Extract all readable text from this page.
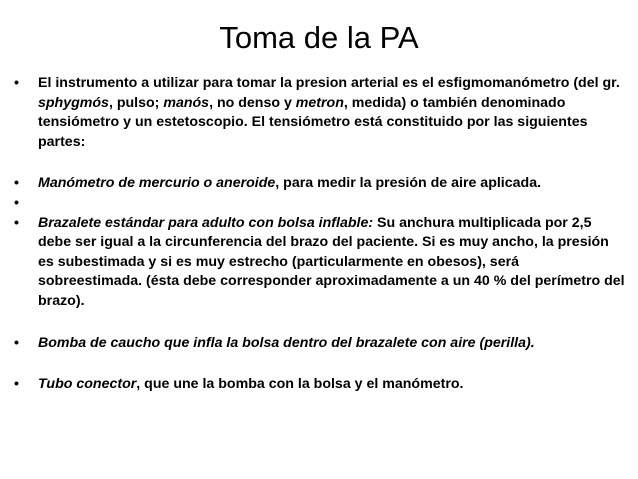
Toma de la PA
•	El instrumento a utilizar para tomar la presion arterial es el esfigmomanómetro (del gr. sphygmós, pulso; manós, no denso y metron, medida) o también denominado tensiómetro y un estetoscopio. El tensiómetro está constituido por las siguientes partes:
•	Manómetro de mercurio o aneroide, para medir la presión de aire aplicada.
•

•	Brazalete estándar para adulto con bolsa inflable: Su anchura multiplicada por 2,5 debe ser igual a la circunferencia del brazo del paciente. Si es muy ancho, la presión es subestimada y si es muy estrecho (particularmente en obesos), será sobreestimada. (ésta debe corresponder aproximadamente a un 40 % del perímetro del brazo).
•	Bomba de caucho que infla la bolsa dentro del brazalete con aire (perilla).
•	Tubo conector, que une la bomba con la bolsa y el manómetro.
